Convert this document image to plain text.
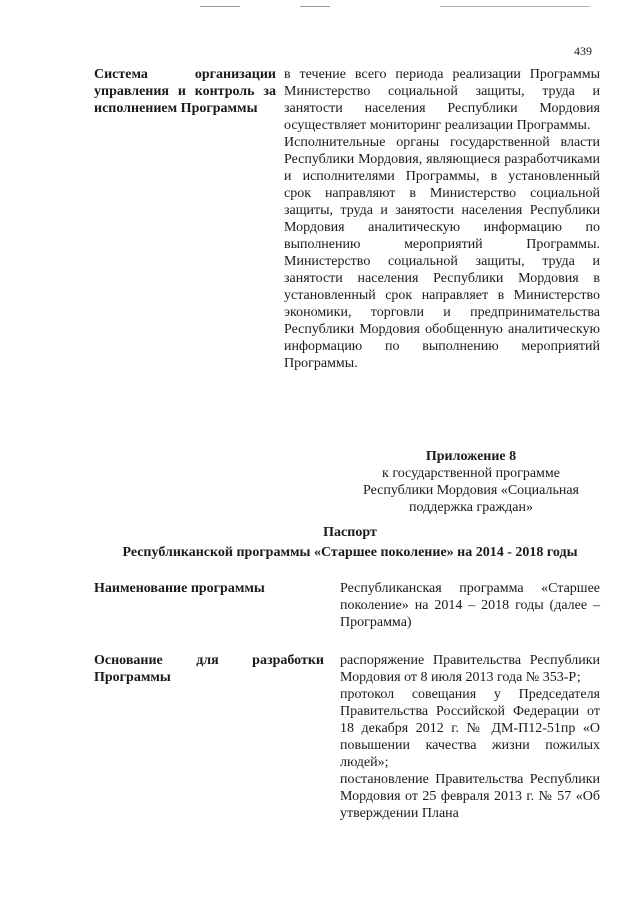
439
Система организации управления и контроль за исполнением Программы

в течение всего периода реализации Программы Министерство социальной защиты, труда и занятости населения Республики Мордовия осуществляет мониторинг реализации Программы.

Исполнительные органы государственной власти Республики Мордовия, являющиеся разработчиками и исполнителями Программы, в установленный срок направляют в Министерство социальной защиты, труда и занятости населения Республики Мордовия аналитическую информацию по выполнению мероприятий Программы. Министерство социальной защиты, труда и занятости населения Республики Мордовия в установленный срок направляет в Министерство экономики, торговли и предпринимательства Республики Мордовия обобщенную аналитическую информацию по выполнению мероприятий Программы.

Приложение 8
к государственной программе
Республики Мордовия «Социальная
поддержка граждан»
Паспорт
Республиканской программы «Старшее поколение» на 2014 - 2018 годы
Наименование программы	Республиканская программа «Старшее поколение» на 2014 – 2018 годы (далее – Программа)

Основание для разработки Программы

распоряжение Правительства Республики Мордовия от 8 июля 2013 года № 353-Р;

протокол совещания у Председателя Правительства Российской Федерации от 18 декабря 2012 г. № ДМ-П12-51пр «О повышении качества жизни пожилых людей»;

постановление Правительства Республики Мордовия от 25 февраля 2013 г. № 57 «Об утверждении Плана
